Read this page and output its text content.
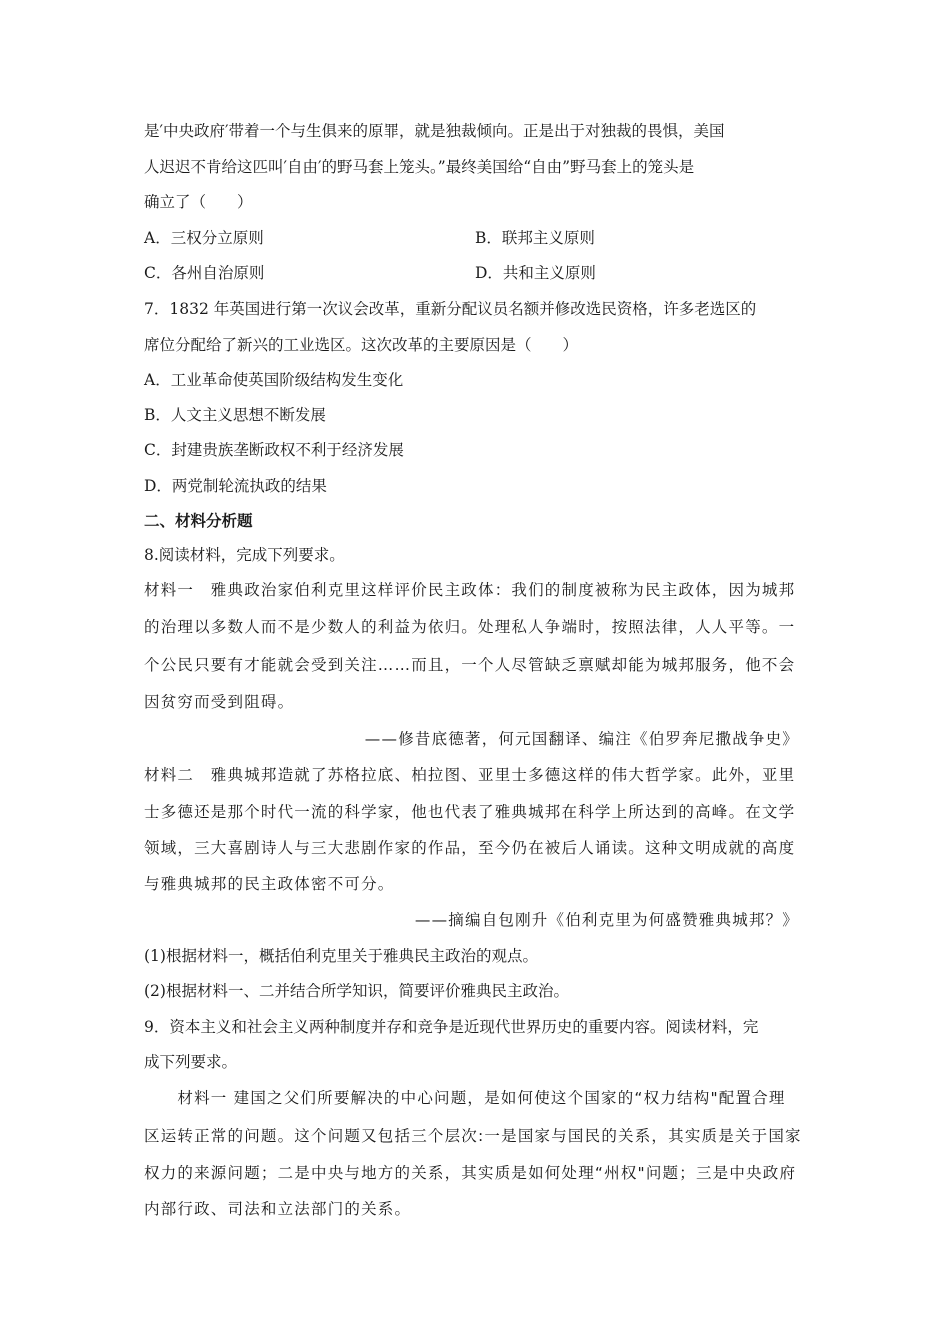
是′中央政府′带着一个与生俱来的原罪，就是独裁倾向。正是出于对独裁的畏惧，美国

人迟迟不肯给这匹叫′自由′的野马套上笼头。”最终美国给“自由”野马套上的笼头是

确立了（　　）

A．三权分立原则	B．联邦主义原则

C．各州自治原则	D．共和主义原则

7．1832 年英国进行第一次议会改革，重新分配议员名额并修改选民资格，许多老选区的

席位分配给了新兴的工业选区。这次改革的主要原因是（　　）

A．工业革命使英国阶级结构发生变化

B．人文主义思想不断发展

C．封建贵族垄断政权不利于经济发展

D．两党制轮流执政的结果

二、材料分析题

8.阅读材料，完成下列要求。

材料一　雅典政治家伯利克里这样评价民主政体：我们的制度被称为民主政体，因为城邦

的治理以多数人而不是少数人的利益为依归。处理私人争端时，按照法律，人人平等。一

个公民只要有才能就会受到关注……而且，一个人尽管缺乏禀赋却能为城邦服务，他不会

因贫穷而受到阻碍。

——修昔底德著，何元国翻译、编注《伯罗奔尼撒战争史》

材料二　雅典城邦造就了苏格拉底、柏拉图、亚里士多德这样的伟大哲学家。此外，亚里

士多德还是那个时代一流的科学家，他也代表了雅典城邦在科学上所达到的高峰。在文学

领域，三大喜剧诗人与三大悲剧作家的作品，至今仍在被后人诵读。这种文明成就的高度

与雅典城邦的民主政体密不可分。

——摘编自包刚升《伯利克里为何盛赞雅典城邦？》

(1)根据材料一，概括伯利克里关于雅典民主政治的观点。

(2)根据材料一、二并结合所学知识，简要评价雅典民主政治。

9．资本主义和社会主义两种制度并存和竞争是近现代世界历史的重要内容。阅读材料，完

成下列要求。

　　材料一 建国之父们所要解决的中心问题，是如何使这个国家的“权力结构"配置合理

区运转正常的问题。这个问题又包括三个层次:一是国家与国民的关系，其实质是关于国家

权力的来源问题；二是中央与地方的关系，其实质是如何处理“州权"问题；三是中央政府

内部行政、司法和立法部门的关系。
